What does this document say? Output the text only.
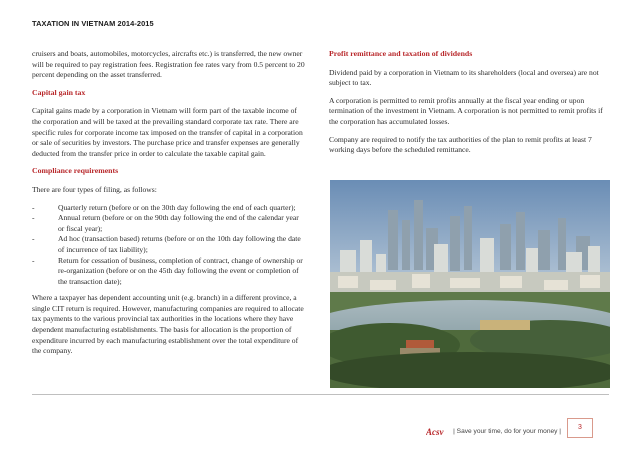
TAXATION IN VIETNAM 2014-2015
cruisers and boats, automobiles, motorcycles, aircrafts etc.) is transferred, the new owner will be required to pay registration fees. Registration fee rates vary from 0.5 percent to 20 percent depending on the asset transferred.
Capital gain tax
Capital gains made by a corporation in Vietnam will form part of the taxable income of the corporation and will be taxed at the prevailing standard corporate tax rate. There are specific rules for corporate income tax imposed on the transfer of capital in a corporation or sale of securities by investors. The purchase price and transfer expenses are generally deducted from the transfer price in order to calculate the taxable capital gain.
Compliance requirements
There are four types of filing, as follows:
-	Quarterly return (before or on the 30th day following the end of each quarter);
-	Annual return (before or on the 90th day following the end of the calendar year or fiscal year);
-	Ad hoc (transaction based) returns (before or on the 10th day following the date of incurrence of tax liability);
-	Return for cessation of business, completion of contract, change of ownership or re-organization (before or on the 45th day following the event or completion of the transaction date);
Where a taxpayer has dependent accounting unit (e.g. branch) in a different province, a single CIT return is required. However, manufacturing companies are required to allocate tax payments to the various provincial tax authorities in the locations where they have dependent manufacturing establishments. The basis for allocation is the proportion of expenditure incurred by each manufacturing establishment over the total expenditure of the company.
Profit remittance and taxation of dividends
Dividend paid by a corporation in Vietnam to its shareholders (local and oversea) are not subject to tax.
A corporation is permitted to remit profits annually at the fiscal year ending or upon termination of the investment in Vietnam. A corporation is not permitted to remit profits if the corporation has accumulated losses.
Company are required to notify the tax authorities of the plan to remit profits at least 7 working days before the scheduled remittance.
Acsv | Save your time, do for your money |
3
